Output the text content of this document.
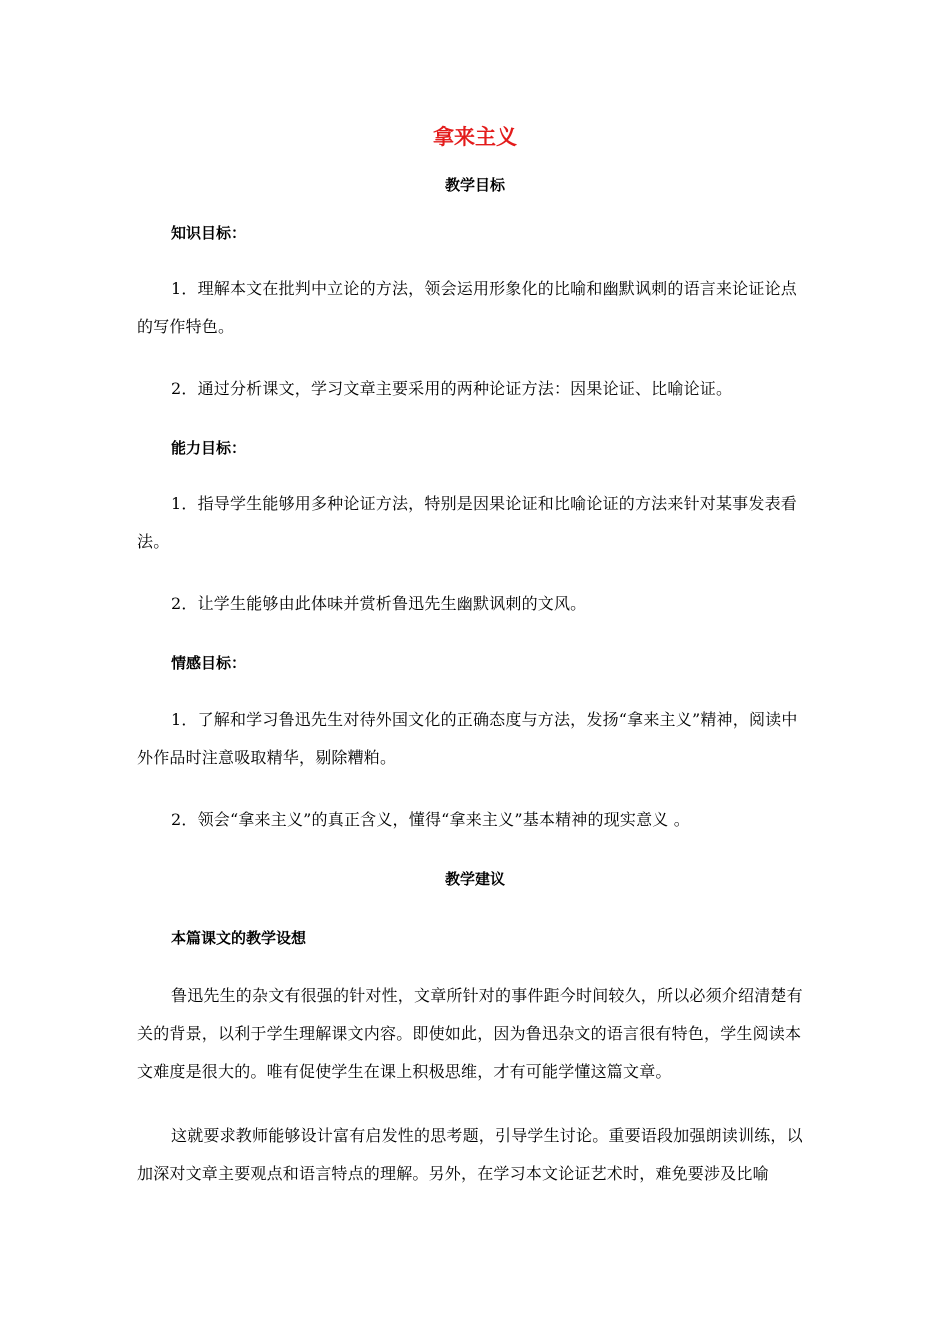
拿来主义
教学目标
知识目标：
1．理解本文在批判中立论的方法，领会运用形象化的比喻和幽默讽刺的语言来论证论点的写作特色。
2．通过分析课文，学习文章主要采用的两种论证方法：因果论证、比喻论证。
能力目标：
1．指导学生能够用多种论证方法，特别是因果论证和比喻论证的方法来针对某事发表看法。
2．让学生能够由此体味并赏析鲁迅先生幽默讽刺的文风。
情感目标：
1．了解和学习鲁迅先生对待外国文化的正确态度与方法，发扬“拿来主义”精神，阅读中外作品时注意吸取精华，剔除糟粕。
2．领会“拿来主义”的真正含义，懂得“拿来主义”基本精神的现实意义 。
教学建议
本篇课文的教学设想
鲁迅先生的杂文有很强的针对性，文章所针对的事件距今时间较久，所以必须介绍清楚有关的背景，以利于学生理解课文内容。即使如此，因为鲁迅杂文的语言很有特色，学生阅读本文难度是很大的。唯有促使学生在课上积极思维，才有可能学懂这篇文章。
这就要求教师能够设计富有启发性的思考题，引导学生讨论。重要语段加强朗读训练，以加深对文章主要观点和语言特点的理解。另外，在学习本文论证艺术时，难免要涉及比喻
